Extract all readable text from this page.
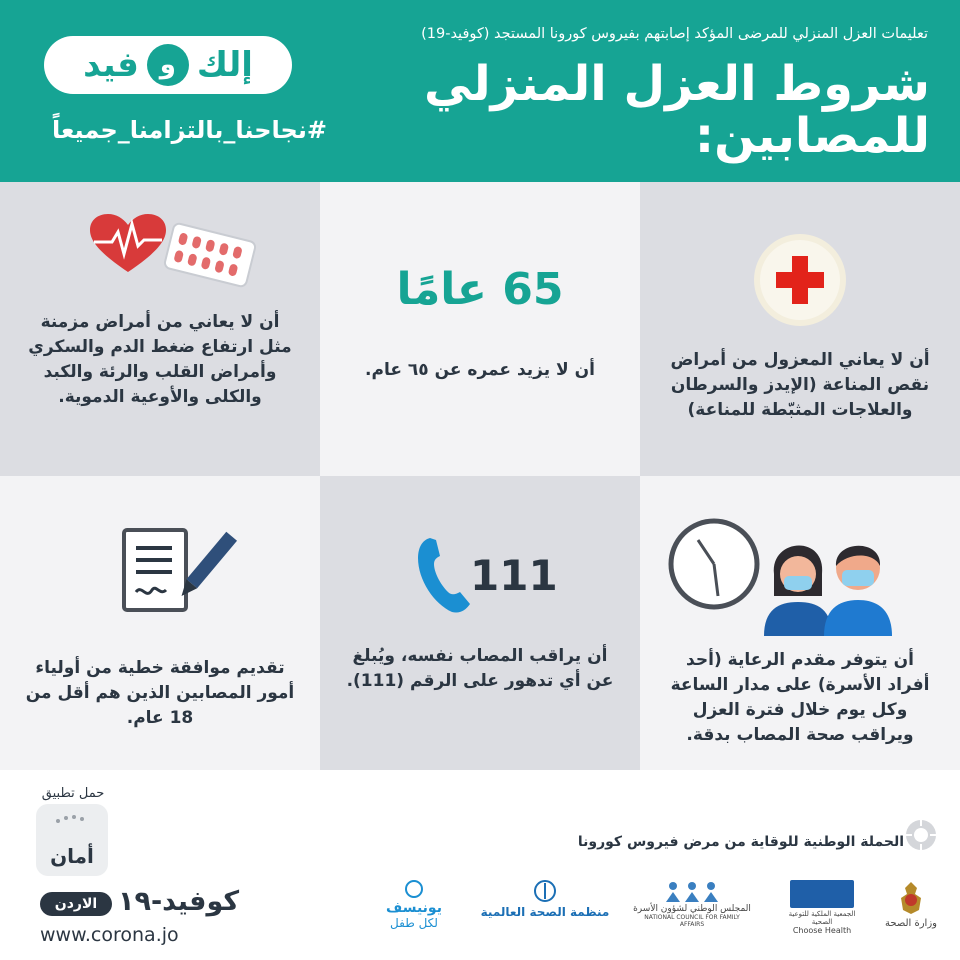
تعليمات العزل المنزلي للمرضى المؤكد إصابتهم بفيروس كورونا المستجد (كوفيد-19)
شروط العزل المنزلي للمصابين:
إلك
و
فيد
#نجاحنا_بالتزامنا_جميعاً
أن لا يعاني المعزول من أمراض نقص المناعة (الإيدز والسرطان والعلاجات المثبّطة للمناعة)
65 عامًا
أن لا يزيد عمره عن ٦٥ عام.
أن لا يعاني من أمراض مزمنة مثل ارتفاع ضغط الدم والسكري وأمراض القلب والرئة والكبد والكلى والأوعية الدموية.
أن يتوفر مقدم الرعاية (أحد أفراد الأسرة) على مدار الساعة وكل يوم خلال فترة العزل ويراقب صحة المصاب بدقة.
111
أن يراقب المصاب نفسه، ويُبلغ عن أي تدهور على الرقم (111).
تقديم موافقة خطية من أولياء أمور المصابين الذين هم أقل من 18 عام.
حمل تطبيق
أمان
كوفيد-١٩
الاردن
www.corona.jo
الحملة الوطنية للوقاية من مرض فيروس كورونا
يونيسف
لكل طفل
منظمة الصحة العالمية	المجلس الوطني لشؤون الأسرة
NATIONAL COUNCIL FOR FAMILY AFFAIRS
الجمعية الملكية للتوعية الصحية
Choose Health
وزارة الصحة
